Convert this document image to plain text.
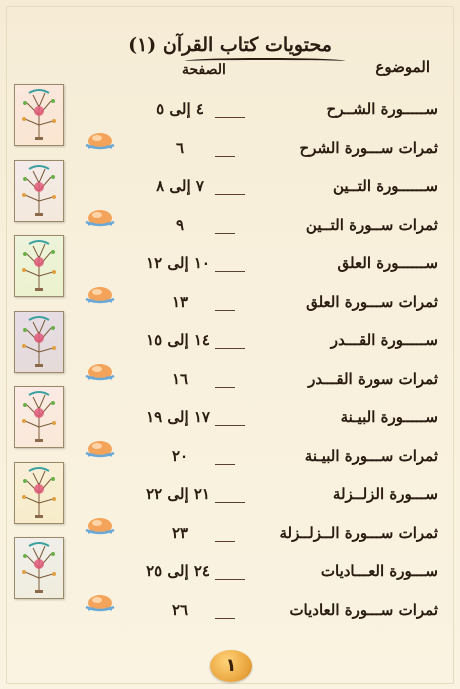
محتويات كتاب القرآن (١)
الموضوع
الصفحة
ســـــورة الشــرح
٤ إلى ٥
ثمرات ســـورة الشرح
٦
ســــــورة التــين
٧ إلى ٨
ثمرات ســورة التــين
٩
ســــــورة العلق
١٠ إلى ١٢
ثمرات ســـورة العلق
١٣
ســـــورة القـــدر
١٤ إلى ١٥
ثمرات سورة القـــدر
١٦
ســـــورة البيـنة
١٧ إلى ١٩
ثمرات ســـورة البيـنة
٢٠
ســـورة الزلــزلة
٢١ إلى ٢٢
ثمرات ســـورة الــزلــزلة
٢٣
ســـورة العـــاديات
٢٤ إلى ٢٥
ثمرات ســـورة العاديات
٢٦
١
